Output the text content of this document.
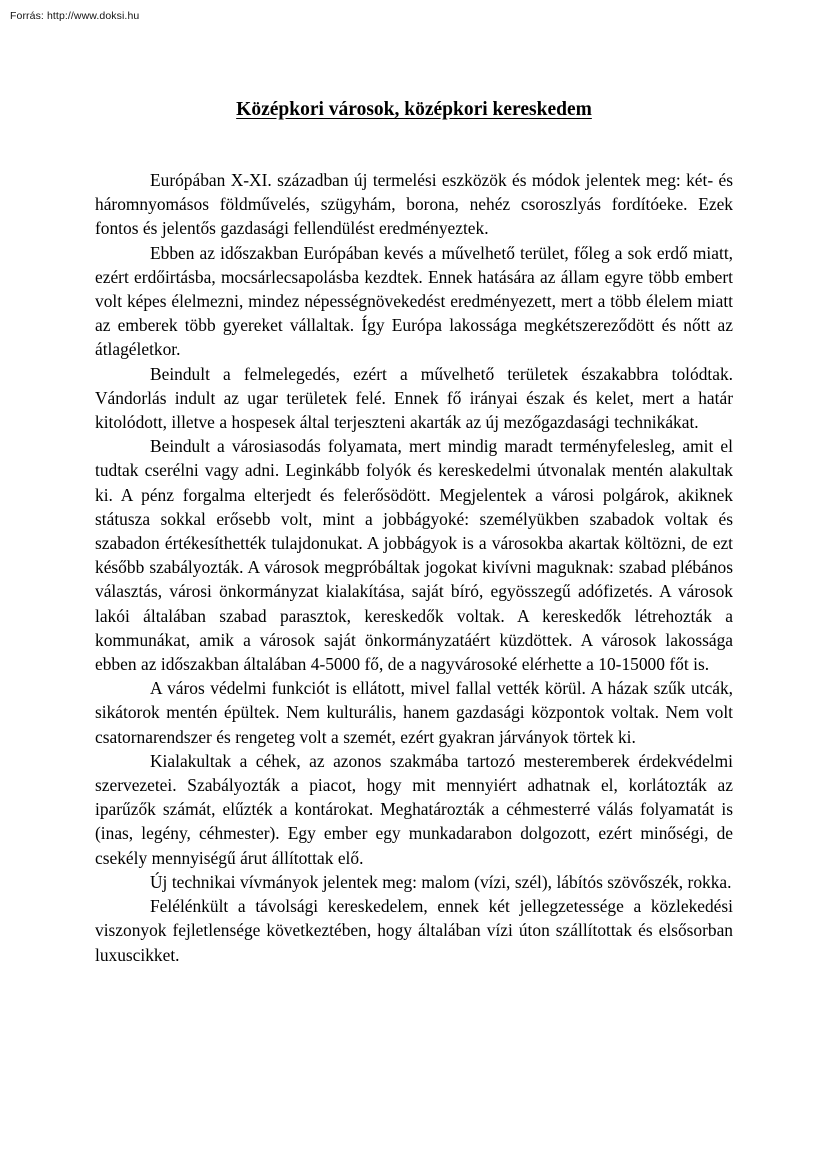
Forrás: http://www.doksi.hu
Középkori városok, középkori kereskedem

Európában X-XI. században új termelési eszközök és módok jelentek meg: két- és háromnyomásos földművelés, szügyhám, borona, nehéz csoroszlyás fordítóeke. Ezek fontos és jelentős gazdasági fellendülést eredményeztek.

Ebben az időszakban Európában kevés a művelhető terület, főleg a sok erdő miatt, ezért erdőirtásba, mocsárlecsapolásba kezdtek. Ennek hatására az állam egyre több embert volt képes élelmezni, mindez népességnövekedést eredményezett, mert a több élelem miatt az emberek több gyereket vállaltak. Így Európa lakossága megkétszereződött és nőtt az átlagéletkor.

Beindult a felmelegedés, ezért a művelhető területek északabbra tolódtak. Vándorlás indult az ugar területek felé. Ennek fő irányai észak és kelet, mert a határ kitolódott, illetve a hospesek által terjeszteni akarták az új mezőgazdasági technikákat.

Beindult a városiasodás folyamata, mert mindig maradt terményfelesleg, amit el tudtak cserélni vagy adni. Leginkább folyók és kereskedelmi útvonalak mentén alakultak ki. A pénz forgalma elterjedt és felerősödött. Megjelentek a városi polgárok, akiknek státusza sokkal erősebb volt, mint a jobbágyoké: személyükben szabadok voltak és szabadon értékesíthették tulajdonukat. A jobbágyok is a városokba akartak költözni, de ezt később szabályozták. A városok megpróbáltak jogokat kivívni maguknak: szabad plébános választás, városi önkormányzat kialakítása, saját bíró, egyösszegű adófizetés. A városok lakói általában szabad parasztok, kereskedők voltak. A kereskedők létrehozták a kommunákat, amik a városok saját önkormányzatáért küzdöttek. A városok lakossága ebben az időszakban általában 4-5000 fő, de a nagyvárosoké elérhette a 10-15000 főt is.

A város védelmi funkciót is ellátott, mivel fallal vették körül. A házak szűk utcák, sikátorok mentén épültek. Nem kulturális, hanem gazdasági központok voltak. Nem volt csatornarendszer és rengeteg volt a szemét, ezért gyakran járványok törtek ki.

Kialakultak a céhek, az azonos szakmába tartozó mesteremberek érdekvédelmi szervezetei. Szabályozták a piacot, hogy mit mennyiért adhatnak el, korlátozták az iparűzők számát, elűzték a kontárokat. Meghatározták a céhmesterré válás folyamatát is (inas, legény, céhmester). Egy ember egy munkadarabon dolgozott, ezért minőségi, de csekély mennyiségű árut állítottak elő.

Új technikai vívmányok jelentek meg: malom (vízi, szél), lábítós szövőszék, rokka.

Felélénkült a távolsági kereskedelem, ennek két jellegzetessége a közlekedési viszonyok fejletlensége következtében, hogy általában vízi úton szállítottak és elsősorban luxuscikket.
